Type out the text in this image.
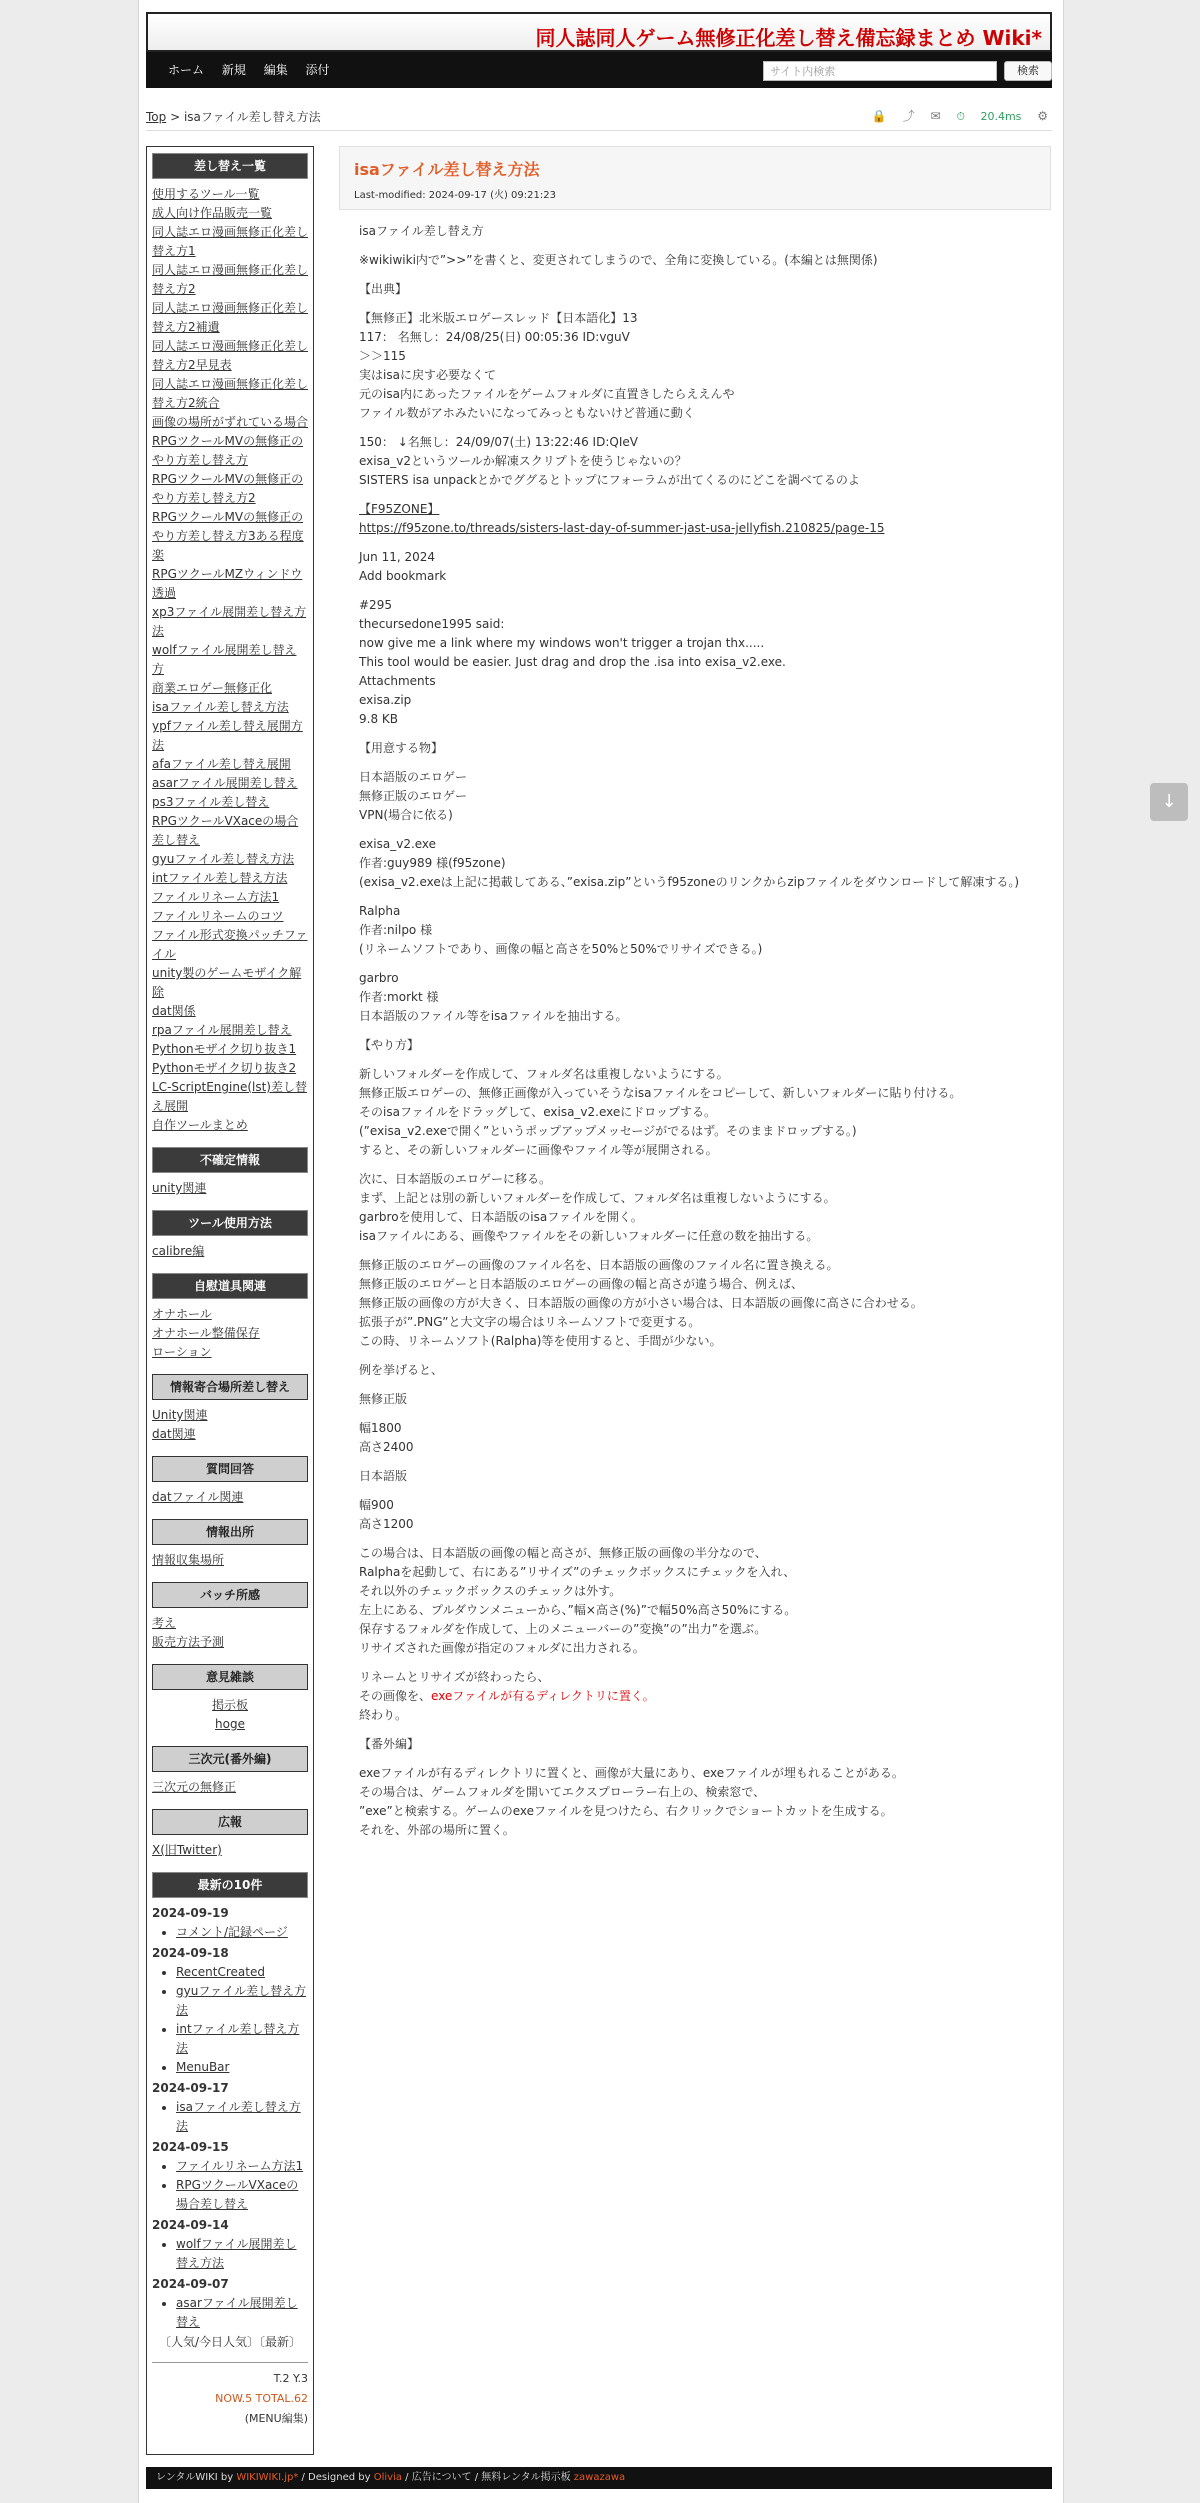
同人誌同人ゲーム無修正化差し替え備忘録まとめ Wiki*
ホーム 新規 編集 添付	サイト内検索	検索
Top > isaファイル差し替え方法	🔒 ⤴ ✉ ⏱ 20.4ms ⚙
差し替え一覧
使用するツール一覧
成人向け作品販売一覧
同人誌エロ漫画無修正化差し替え方1
同人誌エロ漫画無修正化差し替え方2
同人誌エロ漫画無修正化差し替え方2補遺
同人誌エロ漫画無修正化差し替え方2早見表
同人誌エロ漫画無修正化差し替え方2統合
画像の場所がずれている場合
RPGツクールMVの無修正のやり方差し替え方
RPGツクールMVの無修正のやり方差し替え方2
RPGツクールMVの無修正のやり方差し替え方3ある程度楽
RPGツクールMZウィンドウ透過
xp3ファイル展開差し替え方法
wolfファイル展開差し替え方
商業エロゲー無修正化
isaファイル差し替え方法
ypfファイル差し替え展開方法
afaファイル差し替え展開
asarファイル展開差し替え
ps3ファイル差し替え
RPGツクールVXaceの場合差し替え
gyuファイル差し替え方法
intファイル差し替え方法
ファイルリネーム方法1
ファイルリネームのコツ
ファイル形式変換パッチファイル
unity製のゲームモザイク解除
dat関係
rpaファイル展開差し替え
Pythonモザイク切り抜き1
Pythonモザイク切り抜き2
LC-ScriptEngine(lst)差し替え展開
自作ツールまとめ
不確定情報
unity関連
ツール使用方法
calibre編
自慰道具関連
オナホール
オナホール整備保存
ローション
情報寄合場所差し替え
Unity関連
dat関連
質問回答
datファイル関連
情報出所
情報収集場所
バッチ所感
考え
販売方法予測
意見雑談
掲示板
hoge
三次元(番外編)
三次元の無修正
広報
X(旧Twitter)
最新の10件
2024-09-19
• コメント/記録ページ
2024-09-18
• RecentCreated
• gyuファイル差し替え方法
• intファイル差し替え方法
• MenuBar
2024-09-17
• isaファイル差し替え方法
2024-09-15
• ファイルリネーム方法1
• RPGツクールVXaceの場合差し替え
2024-09-14
• wolfファイル展開差し替え方法
2024-09-07
• asarファイル展開差し替え
〔人気/今日人気〕〔最新〕
T.2 Y.3
NOW.5 TOTAL.62
(MENU編集)
isaファイル差し替え方法
Last-modified: 2024-09-17 (火) 09:21:23

isaファイル差し替え方

※wikiwiki内で”>>”を書くと、変更されてしまうので、全角に変換している。(本編とは無関係)

【出典】

【無修正】北米版エロゲースレッド【日本語化】13
117： 名無し：24/08/25(日) 00:05:36 ID:vguV
＞＞115
実はisaに戻す必要なくて
元のisa内にあったファイルをゲームフォルダに直置きしたらええんや
ファイル数がアホみたいになってみっともないけど普通に動く

150： ↓名無し：24/09/07(土) 13:22:46 ID:QIeV
exisa_v2というツールか解凍スクリプトを使うじゃないの？
SISTERS isa unpackとかでググるとトップにフォーラムが出てくるのにどこを調べてるのよ

【F95ZONE】
https://f95zone.to/threads/sisters-last-day-of-summer-jast-usa-jellyfish.210825/page-15

Jun 11, 2024
Add bookmark

#295
thecursedone1995 said:
now give me a link where my windows won't trigger a trojan thx.....
This tool would be easier. Just drag and drop the .isa into exisa_v2.exe.
Attachments
exisa.zip
9.8 KB

【用意する物】

日本語版のエロゲー
無修正版のエロゲー
VPN(場合に依る)

exisa_v2.exe
作者:guy989 様(f95zone)
(exisa_v2.exeは上記に掲載してある、”exisa.zip”というf95zoneのリンクからzipファイルをダウンロードして解凍する。)

Ralpha
作者:nilpo 様
(リネームソフトであり、画像の幅と高さを50%と50%でリサイズできる。)

garbro
作者:morkt 様
日本語版のファイル等をisaファイルを抽出する。

【やり方】

新しいフォルダーを作成して、フォルダ名は重複しないようにする。
無修正版エロゲーの、無修正画像が入っていそうなisaファイルをコピーして、新しいフォルダーに貼り付ける。
そのisaファイルをドラッグして、exisa_v2.exeにドロップする。
(”exisa_v2.exeで開く”というポップアップメッセージがでるはず。そのままドロップする。)
すると、その新しいフォルダーに画像やファイル等が展開される。

次に、日本語版のエロゲーに移る。
まず、上記とは別の新しいフォルダーを作成して、フォルダ名は重複しないようにする。
garbroを使用して、日本語版のisaファイルを開く。
isaファイルにある、画像やファイルをその新しいフォルダーに任意の数を抽出する。

無修正版のエロゲーの画像のファイル名を、日本語版の画像のファイル名に置き換える。
無修正版のエロゲーと日本語版のエロゲーの画像の幅と高さが違う場合、例えば、
無修正版の画像の方が大きく、日本語版の画像の方が小さい場合は、日本語版の画像に高さに合わせる。
拡張子が”.PNG”と大文字の場合はリネームソフトで変更する。
この時、リネームソフト(Ralpha)等を使用すると、手間が少ない。

例を挙げると、

無修正版

幅1800
高さ2400

日本語版

幅900
高さ1200

この場合は、日本語版の画像の幅と高さが、無修正版の画像の半分なので、
Ralphaを起動して、右にある”リサイズ”のチェックボックスにチェックを入れ、
それ以外のチェックボックスのチェックは外す。
左上にある、プルダウンメニューから、”幅×高さ(%)”で幅50%高さ50%にする。
保存するフォルダを作成して、上のメニューバーの”変換”の”出力”を選ぶ。
リサイズされた画像が指定のフォルダに出力される。

リネームとリサイズが終わったら、
その画像を、exeファイルが有るディレクトリに置く。
終わり。

【番外編】

exeファイルが有るディレクトリに置くと、画像が大量にあり、exeファイルが埋もれることがある。
その場合は、ゲームフォルダを開いてエクスプローラー右上の、検索窓で、
”exe”と検索する。ゲームのexeファイルを見つけたら、右クリックでショートカットを生成する。
それを、外部の場所に置く。

レンタルWIKI by WIKIWIKI.jp* / Designed by Olivia / 広告について / 無料レンタル掲示板 zawazawa
↓
